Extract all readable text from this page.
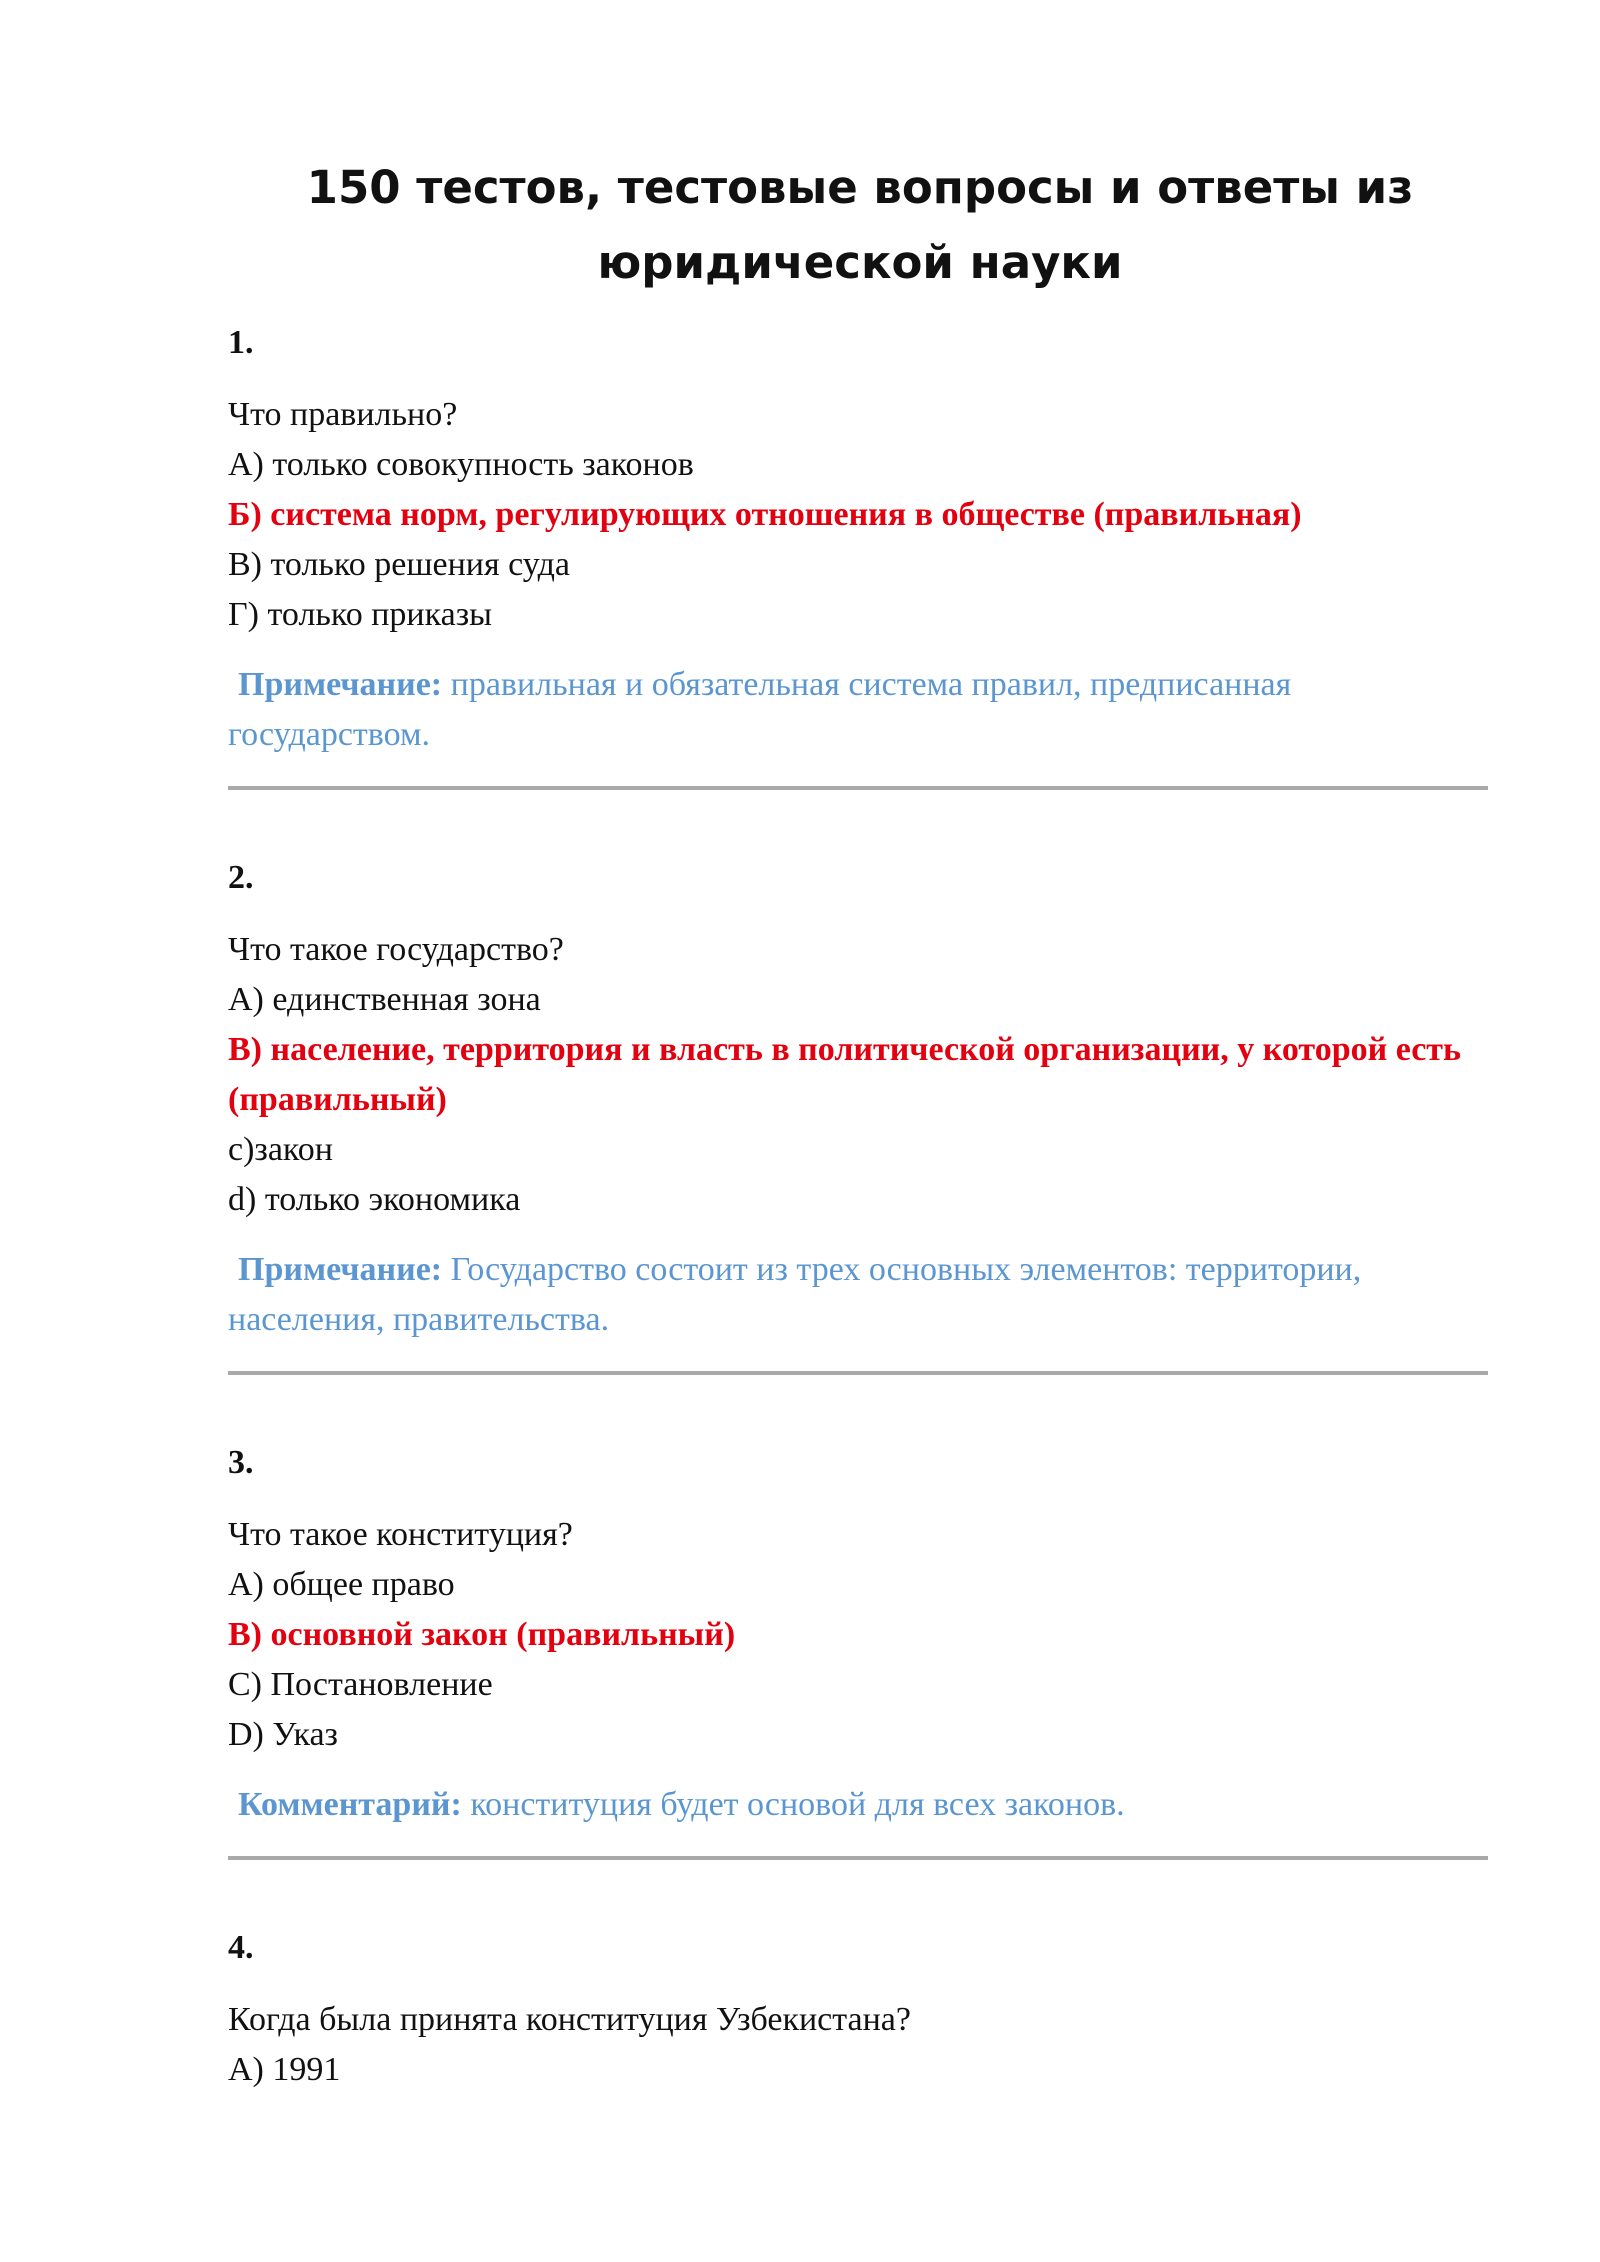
150 тестов, тестовые вопросы и ответы из юридической науки
1.

Что правильно?

А) только совокупность законов

Б) система норм, регулирующих отношения в обществе (правильная)

В) только решения суда

Г) только приказы

Примечание: правильная и обязательная система правил, предписанная государством.

2.

Что такое государство?

А) единственная зона

В) население, территория и власть в политической организации, у которой есть (правильный)

c)закон

d) только экономика

Примечание: Государство состоит из трех основных элементов: территории, населения, правительства.

3.

Что такое конституция?

А) общее право

В) основной закон (правильный)

C) Постановление

D) Указ

Комментарий: конституция будет основой для всех законов.

4.

Когда была принята конституция Узбекистана?

А) 1991
